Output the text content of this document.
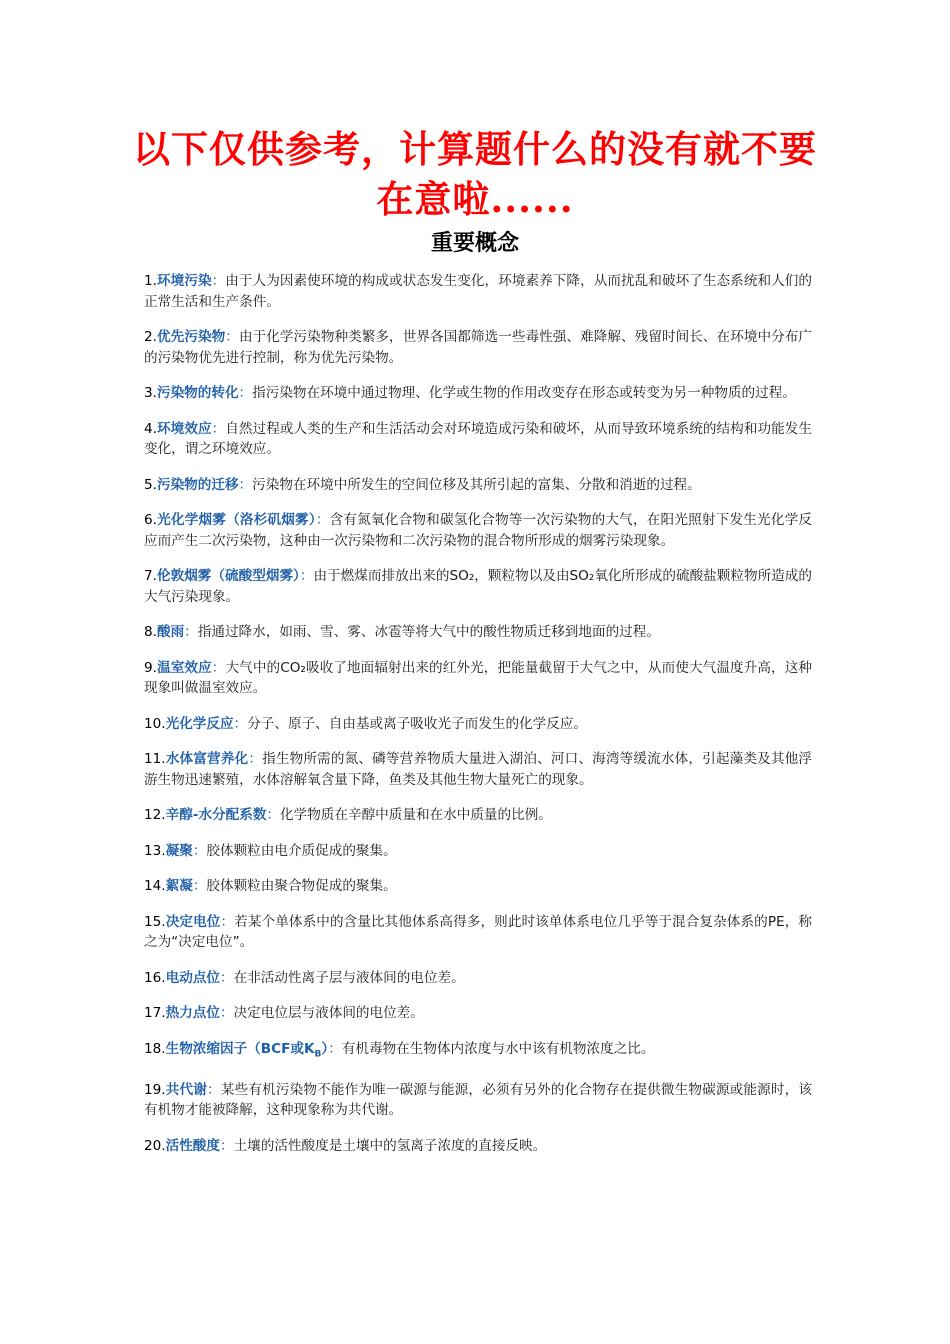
以下仅供参考，计算题什么的没有就不要在意啦......
重要概念
1.环境污染：由于人为因素使环境的构成或状态发生变化，环境素养下降，从而扰乱和破坏了生态系统和人们的正常生活和生产条件。
2.优先污染物：由于化学污染物种类繁多，世界各国都筛选一些毒性强、难降解、残留时间长、在环境中分布广的污染物优先进行控制，称为优先污染物。
3.污染物的转化：指污染物在环境中通过物理、化学或生物的作用改变存在形态或转变为另一种物质的过程。
4.环境效应：自然过程或人类的生产和生活活动会对环境造成污染和破坏，从而导致环境系统的结构和功能发生变化，谓之环境效应。
5.污染物的迁移：污染物在环境中所发生的空间位移及其所引起的富集、分散和消逝的过程。
6.光化学烟雾（洛杉矶烟雾）：含有氮氧化合物和碳氢化合物等一次污染物的大气，在阳光照射下发生光化学反应而产生二次污染物，这种由一次污染物和二次污染物的混合物所形成的烟雾污染现象。
7.伦敦烟雾（硫酸型烟雾）：由于燃煤而排放出来的SO₂，颗粒物以及由SO₂氧化所形成的硫酸盐颗粒物所造成的大气污染现象。
8.酸雨：指通过降水，如雨、雪、雾、冰雹等将大气中的酸性物质迁移到地面的过程。
9.温室效应：大气中的CO₂吸收了地面辐射出来的红外光，把能量截留于大气之中，从而使大气温度升高，这种现象叫做温室效应。
10.光化学反应：分子、原子、自由基或离子吸收光子而发生的化学反应。
11.水体富营养化：指生物所需的氮、磷等营养物质大量进入湖泊、河口、海湾等缓流水体，引起藻类及其他浮游生物迅速繁殖，水体溶解氧含量下降，鱼类及其他生物大量死亡的现象。
12.辛醇-水分配系数：化学物质在辛醇中质量和在水中质量的比例。
13.凝聚：胶体颗粒由电介质促成的聚集。
14.絮凝：胶体颗粒由聚合物促成的聚集。
15.决定电位：若某个单体系中的含量比其他体系高得多，则此时该单体系电位几乎等于混合复杂体系的PE，称之为“决定电位”。
16.电动点位：在非活动性离子层与液体间的电位差。
17.热力点位：决定电位层与液体间的电位差。
18.生物浓缩因子（BCF或$K_B$）：有机毒物在生物体内浓度与水中该有机物浓度之比。
19.共代谢：某些有机污染物不能作为唯一碳源与能源，必须有另外的化合物存在提供微生物碳源或能源时，该有机物才能被降解，这种现象称为共代谢。
20.活性酸度：土壤的活性酸度是土壤中的氢离子浓度的直接反映。
